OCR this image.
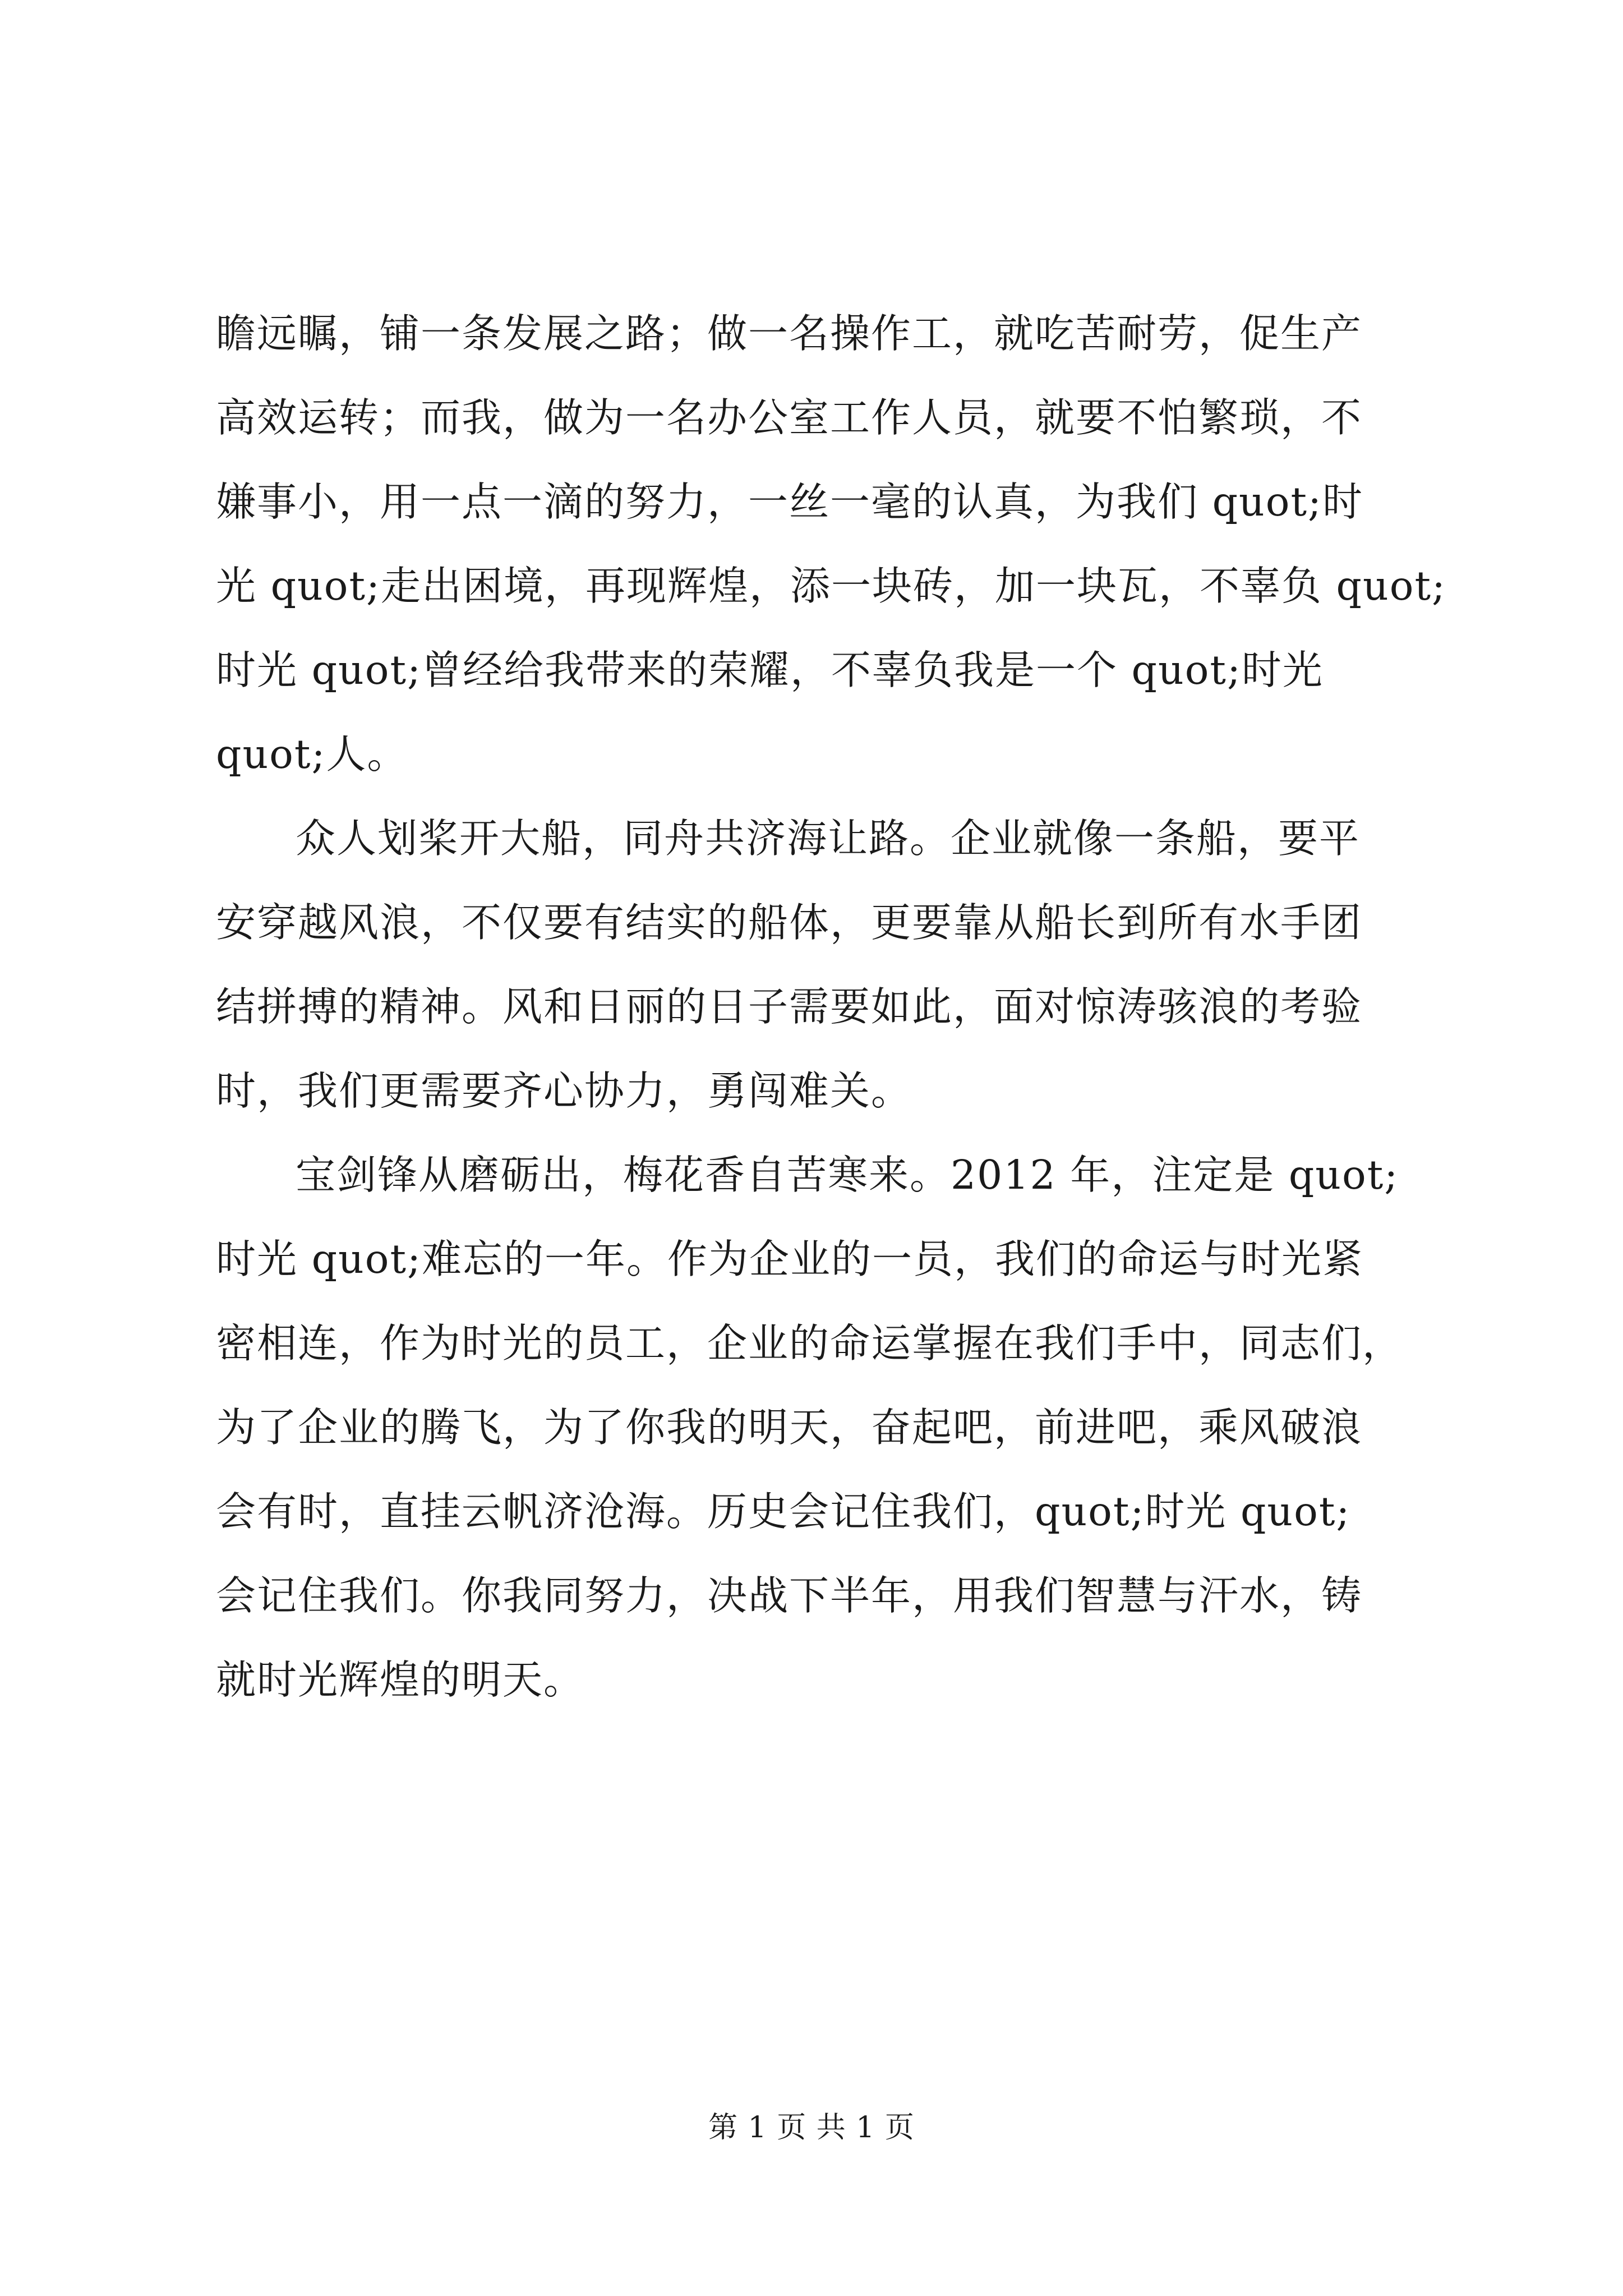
瞻远瞩，铺一条发展之路；做一名操作工，就吃苦耐劳，促生产
高效运转；而我，做为一名办公室工作人员，就要不怕繁琐，不
嫌事小，用一点一滴的努力，一丝一毫的认真，为我们 quot;时
光 quot;走出困境，再现辉煌，添一块砖，加一块瓦，不辜负 quot;
时光 quot;曾经给我带来的荣耀，不辜负我是一个 quot;时光
quot;人。

众人划桨开大船，同舟共济海让路。企业就像一条船，要平
安穿越风浪，不仅要有结实的船体，更要靠从船长到所有水手团
结拼搏的精神。风和日丽的日子需要如此，面对惊涛骇浪的考验
时，我们更需要齐心协力，勇闯难关。

宝剑锋从磨砺出，梅花香自苦寒来。2012 年，注定是 quot;
时光 quot;难忘的一年。作为企业的一员，我们的命运与时光紧
密相连，作为时光的员工，企业的命运掌握在我们手中，同志们，
为了企业的腾飞，为了你我的明天，奋起吧，前进吧，乘风破浪
会有时，直挂云帆济沧海。历史会记住我们，quot;时光 quot;
会记住我们。你我同努力，决战下半年，用我们智慧与汗水，铸
就时光辉煌的明天。

第 1 页 共 1 页
